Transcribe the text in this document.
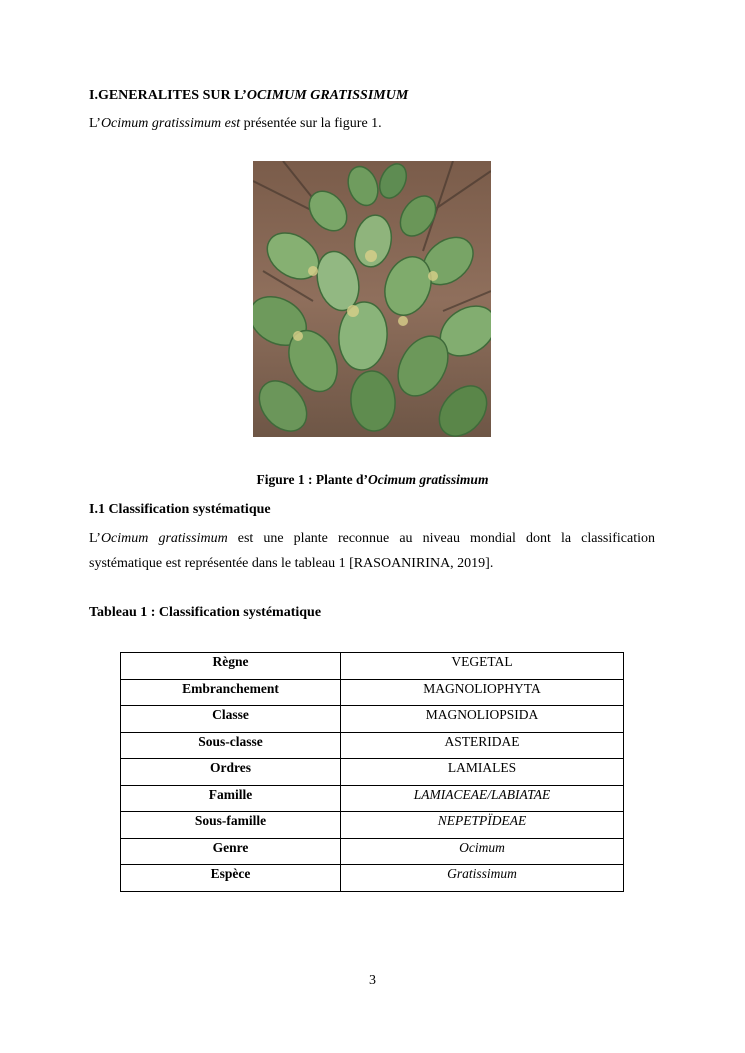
I.GENERALITES SUR L’OCIMUM GRATISSIMUM
L’Ocimum gratissimum est présentée sur la figure 1.
Figure 1 : Plante d’Ocimum gratissimum
I.1 Classification systématique
L’Ocimum gratissimum est une plante reconnue au niveau mondial dont la classification systématique est représentée dans le tableau 1 [RASOANIRINA, 2019].
Tableau 1 : Classification systématique
Règne	VEGETAL
Embranchement	MAGNOLIOPHYTA
Classe	MAGNOLIOPSIDA
Sous-classe	ASTERIDAE
Ordres	LAMIALES
Famille	LAMIACEAE/LABIATAE
Sous-famille	NEPETPÏDEAE
Genre	Ocimum
Espèce	Gratissimum
3
